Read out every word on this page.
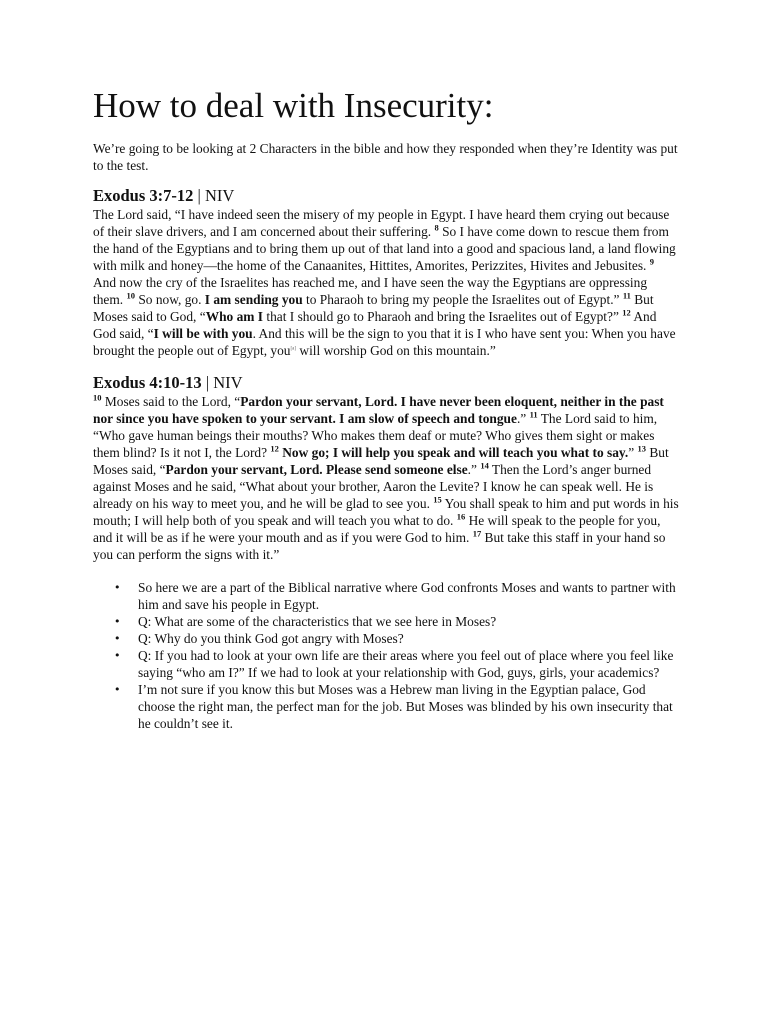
How to deal with Insecurity:

We’re going to be looking at 2 Characters in the bible and how they responded when they’re Identity was put to the test.

Exodus 3:7-12 | NIV

The Lord said, “I have indeed seen the misery of my people in Egypt. I have heard them crying out because of their slave drivers, and I am concerned about their suffering. $^8$ So I have come down to rescue them from the hand of the Egyptians and to bring them up out of that land into a good and spacious land, a land flowing with milk and honey—the home of the Canaanites, Hittites, Amorites, Perizzites, Hivites and Jebusites. $^9$ And now the cry of the Israelites has reached me, and I have seen the way the Egyptians are oppressing them. $^{10}$ So now, go. I am sending you to Pharaoh to bring my people the Israelites out of Egypt.” $^{11}$ But Moses said to God, “Who am I that I should go to Pharaoh and bring the Israelites out of Egypt?” $^{12}$ And God said, “I will be with you. And this will be the sign to you that it is I who have sent you: When you have brought the people out of Egypt, you[a] will worship God on this mountain.”

Exodus 4:10-13 | NIV

$^{10}$ Moses said to the Lord, “Pardon your servant, Lord. I have never been eloquent, neither in the past nor since you have spoken to your servant. I am slow of speech and tongue.” $^{11}$ The Lord said to him, “Who gave human beings their mouths? Who makes them deaf or mute? Who gives them sight or makes them blind? Is it not I, the Lord? $^{12}$ Now go; I will help you speak and will teach you what to say.” $^{13}$ But Moses said, “Pardon your servant, Lord. Please send someone else.” $^{14}$ Then the Lord’s anger burned against Moses and he said, “What about your brother, Aaron the Levite? I know he can speak well. He is already on his way to meet you, and he will be glad to see you. $^{15}$ You shall speak to him and put words in his mouth; I will help both of you speak and will teach you what to do. $^{16}$ He will speak to the people for you, and it will be as if he were your mouth and as if you were God to him. $^{17}$ But take this staff in your hand so you can perform the signs with it.”

• So here we are a part of the Biblical narrative where God confronts Moses and wants to partner with him and save his people in Egypt.
• Q: What are some of the characteristics that we see here in Moses?
• Q: Why do you think God got angry with Moses?
• Q: If you had to look at your own life are their areas where you feel out of place where you feel like saying “who am I?” If we had to look at your relationship with God, guys, girls, your academics?
• I’m not sure if you know this but Moses was a Hebrew man living in the Egyptian palace, God choose the right man, the perfect man for the job. But Moses was blinded by his own insecurity that he couldn’t see it.
